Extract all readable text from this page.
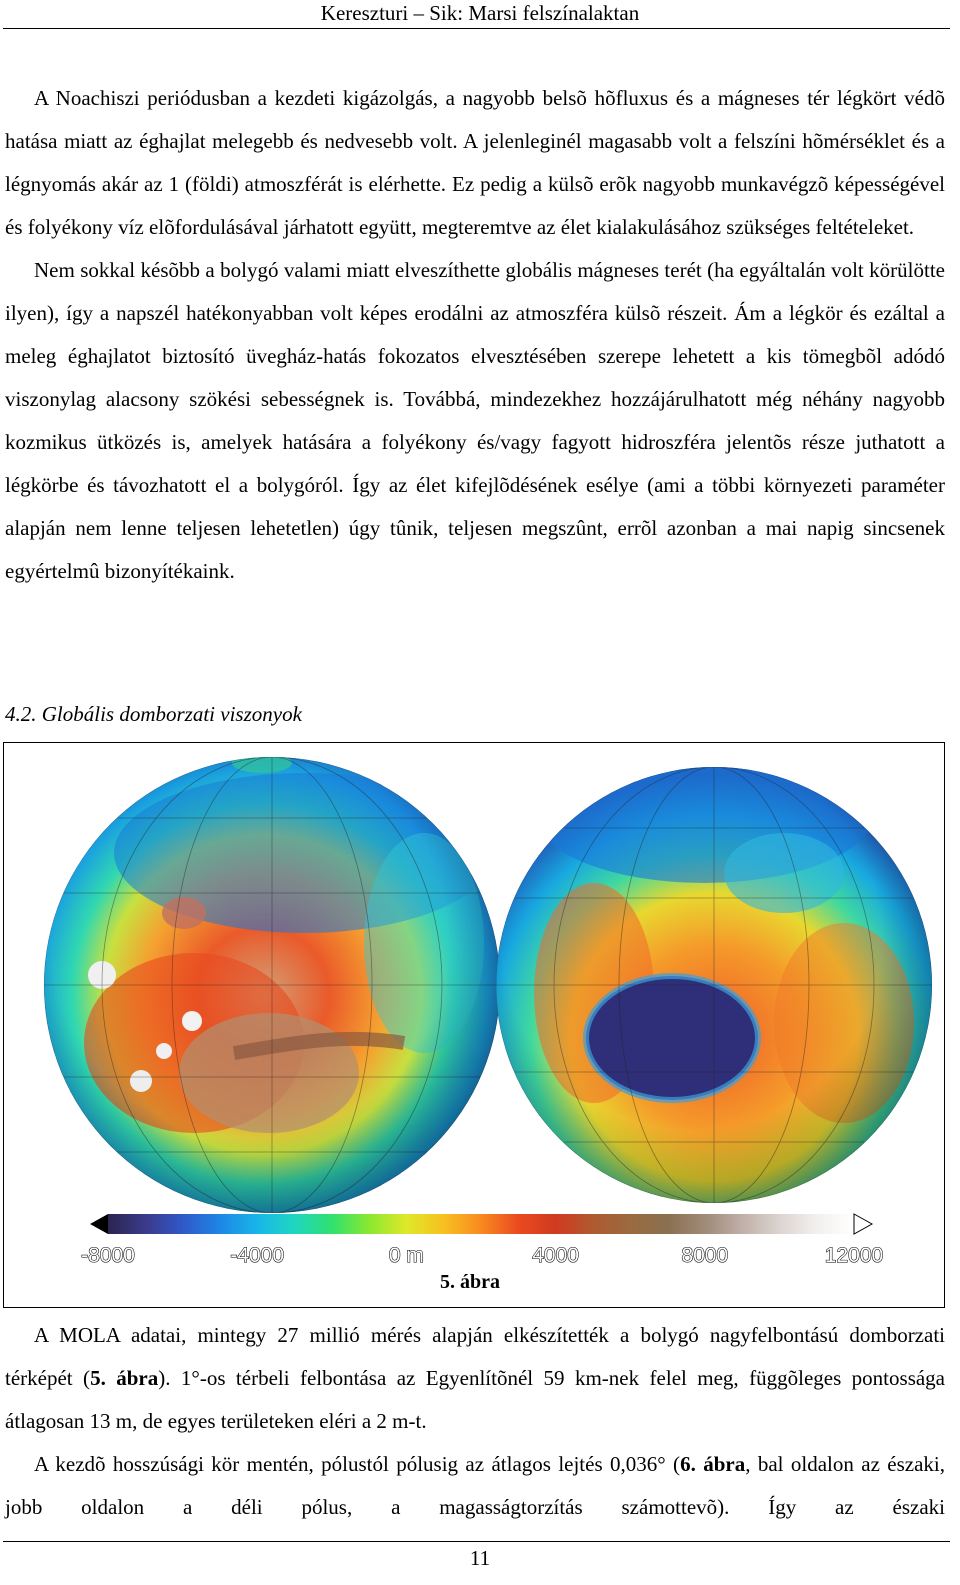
Kereszturi – Sik: Marsi felszínalaktan

A Noachiszi periódusban a kezdeti kigázolgás, a nagyobb belsõ hõfluxus és a mágneses tér légkört védõ hatása miatt az éghajlat melegebb és nedvesebb volt. A jelenleginél magasabb volt a felszíni hõmérséklet és a légnyomás akár az 1 (földi) atmoszférát is elérhette. Ez pedig a külsõ erõk nagyobb munkavégzõ képességével és folyékony víz elõfordulásával járhatott együtt, megteremtve az élet kialakulásához szükséges feltételeket.

Nem sokkal késõbb a bolygó valami miatt elveszíthette globális mágneses terét (ha egyáltalán volt körülötte ilyen), így a napszél hatékonyabban volt képes erodálni az atmoszféra külsõ részeit. Ám a légkör és ezáltal a meleg éghajlatot biztosító üvegház-hatás fokozatos elvesztésében szerepe lehetett a kis tömegbõl adódó viszonylag alacsony szökési sebességnek is. Továbbá, mindezekhez hozzájárulhatott még néhány nagyobb kozmikus ütközés is, amelyek hatására a folyékony és/vagy fagyott hidroszféra jelentõs része juthatott a légkörbe és távozhatott el a bolygóról. Így az élet kifejlõdésének esélye (ami a többi környezeti paraméter alapján nem lenne teljesen lehetetlen) úgy tûnik, teljesen megszûnt, errõl azonban a mai napig sincsenek egyértelmû bizonyítékaink.

4.2. Globális domborzati viszonyok
-8000	-4000	0 m	4000	8000	12000
5. ábra

A MOLA adatai, mintegy 27 millió mérés alapján elkészítették a bolygó nagyfelbontású domborzati térképét (5. ábra). 1°-os térbeli felbontása az Egyenlítõnél 59 km-nek felel meg, függõleges pontossága átlagosan 13 m, de egyes területeken eléri a 2 m-t.

A kezdõ hosszúsági kör mentén, pólustól pólusig az átlagos lejtés 0,036° (6. ábra, bal oldalon az északi, jobb oldalon a déli pólus, a magasságtorzítás számottevõ). Így az északi

11
